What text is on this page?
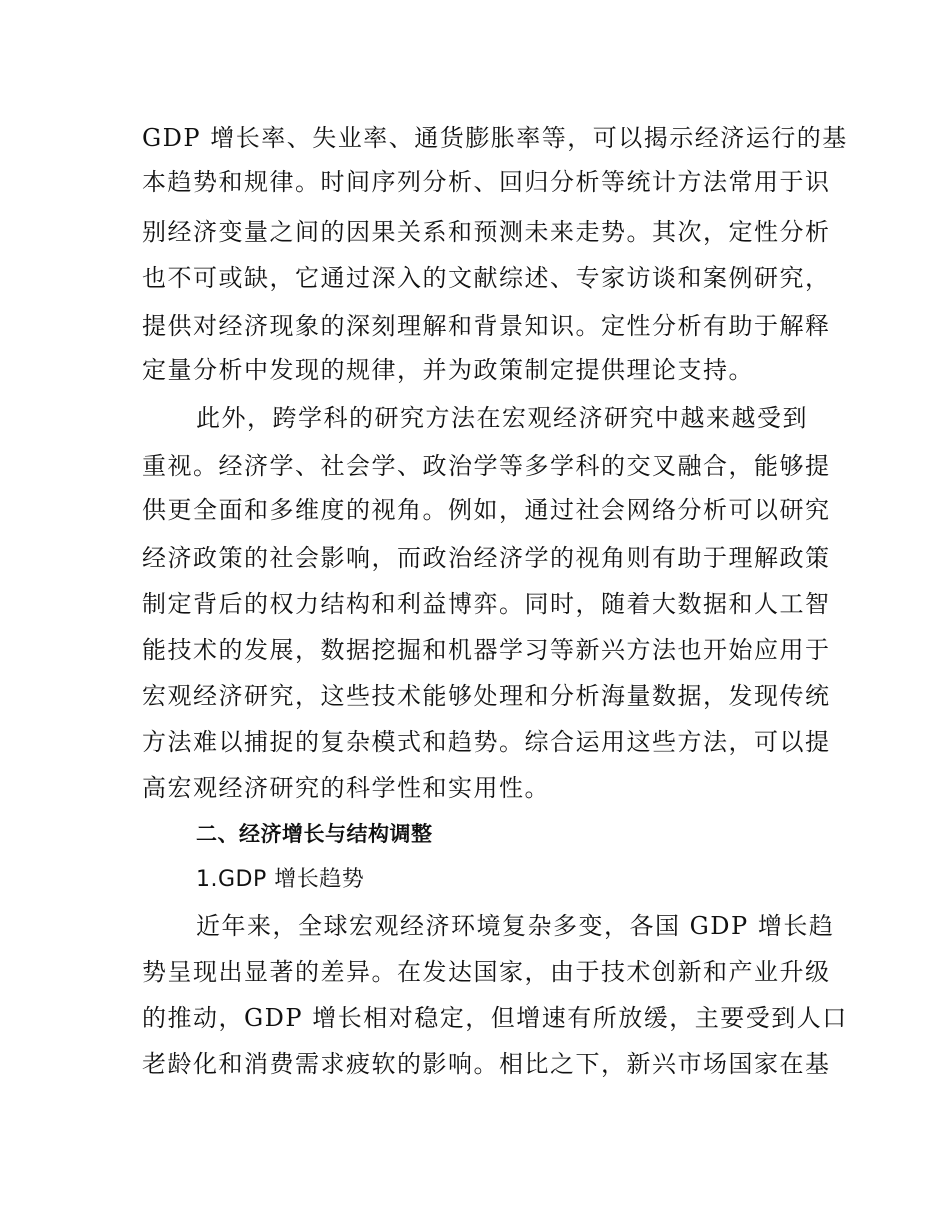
GDP 增长率、失业率、通货膨胀率等，可以揭示经济运行的基
本趋势和规律。时间序列分析、回归分析等统计方法常用于识
别经济变量之间的因果关系和预测未来走势。其次，定性分析
也不可或缺，它通过深入的文献综述、专家访谈和案例研究，
提供对经济现象的深刻理解和背景知识。定性分析有助于解释
定量分析中发现的规律，并为政策制定提供理论支持。
此外，跨学科的研究方法在宏观经济研究中越来越受到
重视。经济学、社会学、政治学等多学科的交叉融合，能够提
供更全面和多维度的视角。例如，通过社会网络分析可以研究
经济政策的社会影响，而政治经济学的视角则有助于理解政策
制定背后的权力结构和利益博弈。同时，随着大数据和人工智
能技术的发展，数据挖掘和机器学习等新兴方法也开始应用于
宏观经济研究，这些技术能够处理和分析海量数据，发现传统
方法难以捕捉的复杂模式和趋势。综合运用这些方法，可以提
高宏观经济研究的科学性和实用性。
二、经济增长与结构调整
1.GDP 增长趋势
近年来，全球宏观经济环境复杂多变，各国 GDP 增长趋
势呈现出显著的差异。在发达国家，由于技术创新和产业升级
的推动，GDP 增长相对稳定，但增速有所放缓，主要受到人口
老龄化和消费需求疲软的影响。相比之下，新兴市场国家在基
